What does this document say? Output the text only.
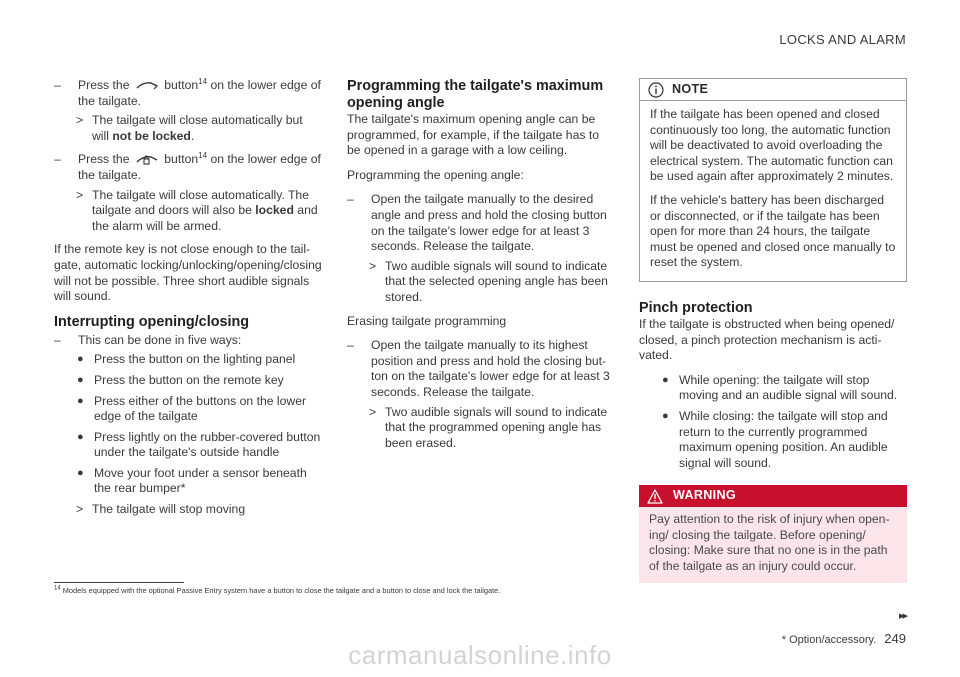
LOCKS AND ALARM
– Press the	button$^{14}$ on the lower edge of the tailgate.
> The tailgate will close automatically but will not be locked.
– Press the	button$^{14}$ on the lower edge of the tailgate.
> The tailgate will close automatically. The tailgate and doors will also be locked and the alarm will be armed.

If the remote key is not close enough to the tailgate, automatic locking/unlocking/opening/closing will not be possible. Three short audible signals will sound.

Interrupting opening/closing
– This can be done in five ways:
● Press the button on the lighting panel
● Press the button on the remote key
● Press either of the buttons on the lower edge of the tailgate
● Press lightly on the rubber-covered button under the tailgate's outside handle
● Move your foot under a sensor beneath the rear bumper*
> The tailgate will stop moving
Programming the tailgate's maximum opening angle

The tailgate's maximum opening angle can be programmed, for example, if the tailgate has to be opened in a garage with a low ceiling.

Programming the opening angle:

– Open the tailgate manually to the desired angle and press and hold the closing button on the tailgate's lower edge for at least 3 seconds. Release the tailgate.
> Two audible signals will sound to indicate that the selected opening angle has been stored.

Erasing tailgate programming

– Open the tailgate manually to its highest position and press and hold the closing button on the tailgate's lower edge for at least 3 seconds. Release the tailgate.
> Two audible signals will sound to indicate that the programmed opening angle has been erased.
NOTE

If the tailgate has been opened and closed continuously too long, the automatic function will be deactivated to avoid overloading the electrical system. The automatic function can be used again after approximately 2 minutes.

If the vehicle's battery has been discharged or disconnected, or if the tailgate has been open for more than 24 hours, the tailgate must be opened and closed once manually to reset the system.

Pinch protection

If the tailgate is obstructed when being opened/ closed, a pinch protection mechanism is activated.

● While opening: the tailgate will stop moving and an audible signal will sound.
● While closing: the tailgate will stop and return to the currently programmed maximum opening position. An audible signal will sound.
WARNING
Pay attention to the risk of injury when opening/ closing the tailgate. Before opening/ closing: Make sure that no one is in the path of the tailgate as an injury could occur.
$^{14}$ Models equipped with the optional Passive Entry system have a button to close the tailgate and a button to close and lock the tailgate.
▸▸
* Option/accessory. 249
carmanualsonline.info
